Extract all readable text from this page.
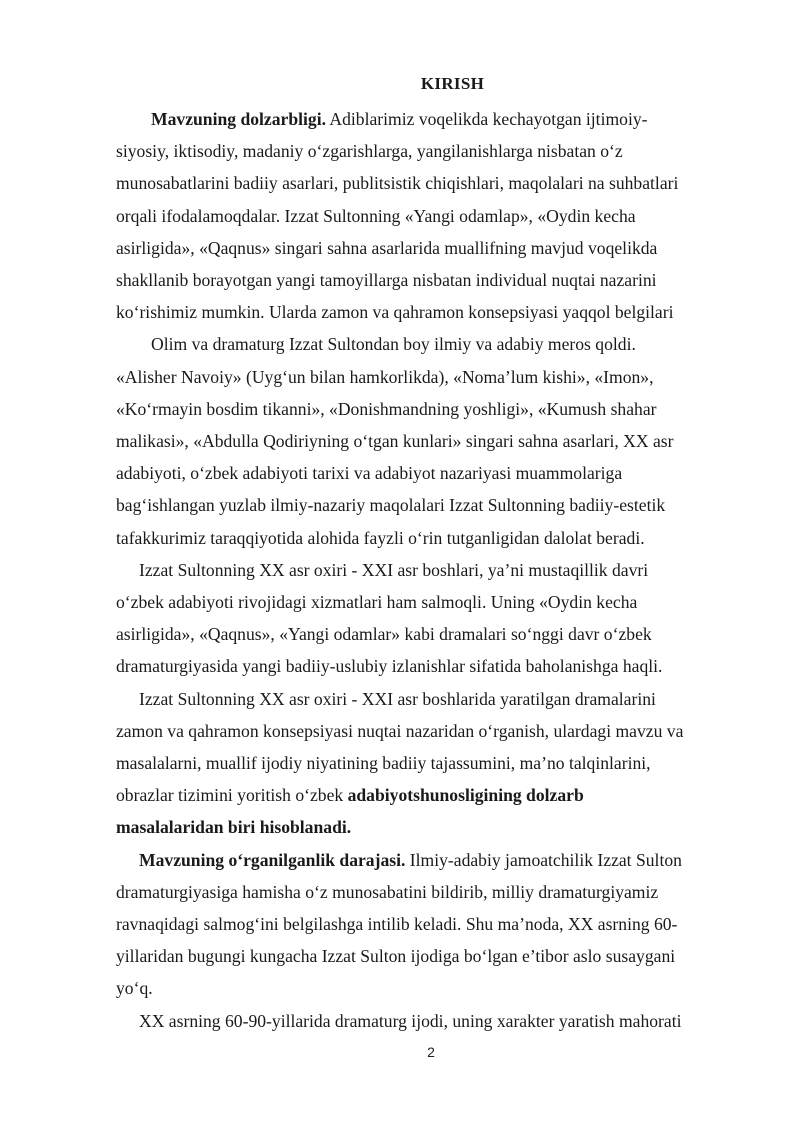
KIRISH
Mavzuning dolzarbligi. Adiblarimiz voqelikda kechayotgan ijtimoiy-
siyosiy, iktisodiy, madaniy o‘zgarishlarga, yangilanishlarga nisbatan o‘z
munosabatlarini badiiy asarlari, publitsistik chiqishlari, maqolalari na suhbatlari
orqali ifodalamoqdalar. Izzat Sultonning «Yangi odamlap», «Oydin kecha
asirligida», «Qaqnus» singari sahna asarlarida muallifning mavjud voqelikda
shakllanib borayotgan yangi tamoyillarga nisbatan individual nuqtai nazarini
ko‘rishimiz mumkin. Ularda zamon va qahramon konsepsiyasi yaqqol belgilari
Olim va dramaturg Izzat Sultondan boy ilmiy va adabiy meros qoldi.
«Alisher Navoiy» (Uyg‘un bilan hamkorlikda), «Noma’lum kishi», «Imon»,
«Ko‘rmayin bosdim tikanni», «Donishmandning yoshligi», «Kumush shahar
malikasi», «Abdulla Qodiriyning o‘tgan kunlari» singari sahna asarlari, XX asr
adabiyoti, o‘zbek adabiyoti tarixi va adabiyot nazariyasi muammolariga
bag‘ishlangan yuzlab ilmiy-nazariy maqolalari Izzat Sultonning badiiy-estetik
tafakkurimiz taraqqiyotida alohida fayzli o‘rin tutganligidan dalolat beradi.
Izzat Sultonning XX asr oxiri - XXI asr boshlari, ya’ni mustaqillik davri
o‘zbek adabiyoti rivojidagi xizmatlari ham salmoqli. Uning «Oydin kecha
asirligida», «Qaqnus», «Yangi odamlar» kabi dramalari so‘nggi davr o‘zbek
dramaturgiyasida yangi badiiy-uslubiy izlanishlar sifatida baholanishga haqli.
Izzat Sultonning XX asr oxiri - XXI asr boshlarida yaratilgan dramalarini
zamon va qahramon konsepsiyasi nuqtai nazaridan o‘rganish, ulardagi mavzu va
masalalarni, muallif ijodiy niyatining badiiy tajassumini, ma’no talqinlarini,
obrazlar tizimini yoritish o‘zbek adabiyotshunosligining dolzarb
masalalaridan biri hisoblanadi.
Mavzuning o‘rganilganlik darajasi. Ilmiy-adabiy jamoatchilik Izzat Sulton
dramaturgiyasiga hamisha o‘z munosabatini bildirib, milliy dramaturgiyamiz
ravnaqidagi salmog‘ini belgilashga intilib keladi. Shu ma’noda, XX asrning 60-
yillaridan bugungi kungacha Izzat Sulton ijodiga bo‘lgan e’tibor aslo susaygani
yo‘q.
XX asrning 60-90-yillarida dramaturg ijodi, uning xarakter yaratish mahorati
2
